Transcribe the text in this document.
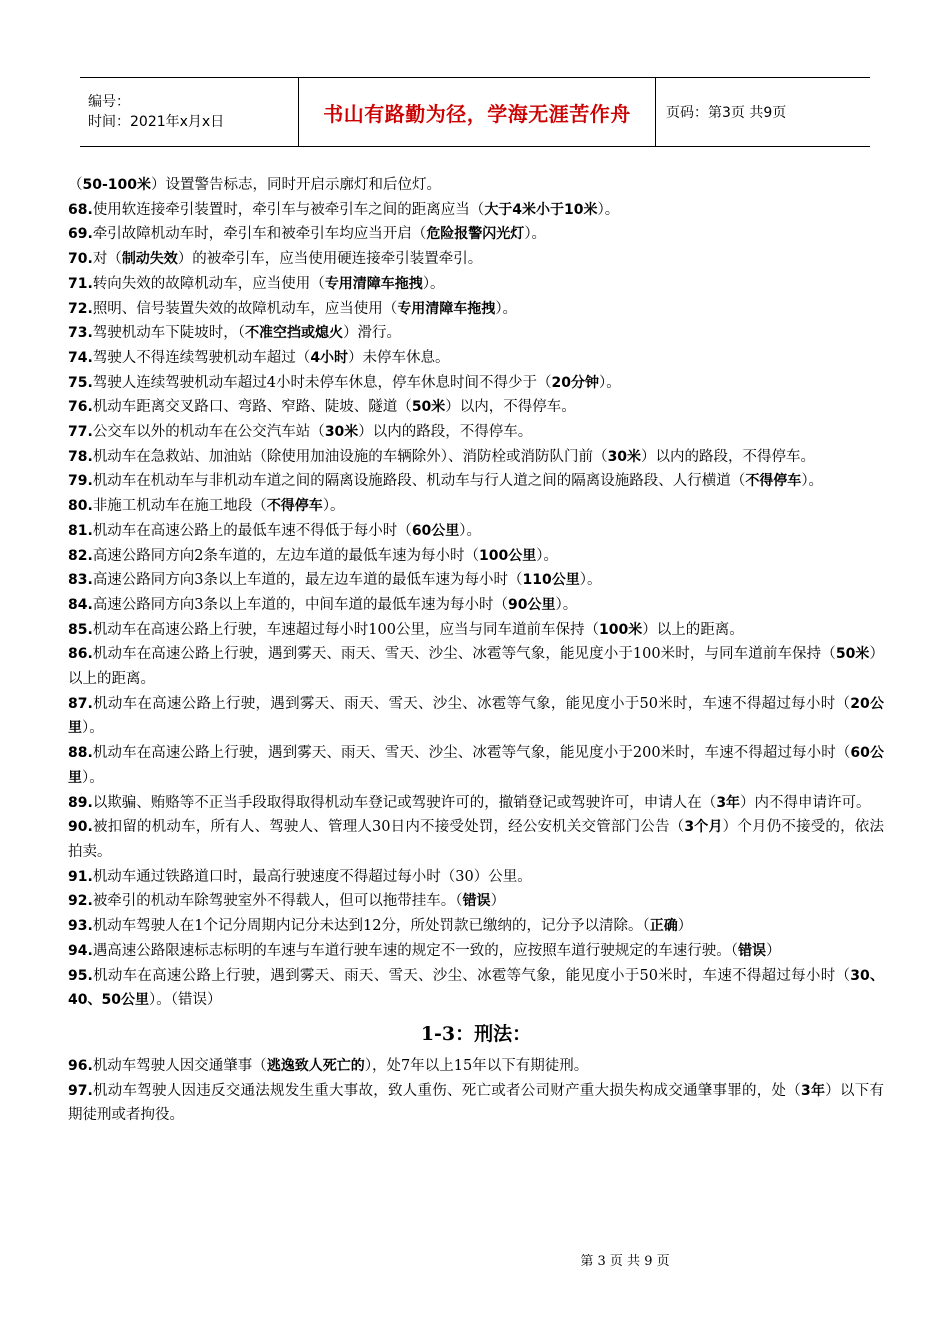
编号：
时间：2021年x月x日	书山有路勤为径，学海无涯苦作舟	页码：第3页 共9页

（50-100米）设置警告标志，同时开启示廓灯和后位灯。

68.使用软连接牵引装置时，牵引车与被牵引车之间的距离应当（大于4米小于10米）。

69.牵引故障机动车时，牵引车和被牵引车均应当开启（危险报警闪光灯）。

70.对（制动失效）的被牵引车，应当使用硬连接牵引装置牵引。

71.转向失效的故障机动车，应当使用（专用清障车拖拽）。

72.照明、信号装置失效的故障机动车，应当使用（专用清障车拖拽）。

73.驾驶机动车下陡坡时，（不准空挡或熄火）滑行。

74.驾驶人不得连续驾驶机动车超过（4小时）未停车休息。

75.驾驶人连续驾驶机动车超过4小时未停车休息，停车休息时间不得少于（20分钟）。

76.机动车距离交叉路口、弯路、窄路、陡坡、隧道（50米）以内，不得停车。

77.公交车以外的机动车在公交汽车站（30米）以内的路段，不得停车。

78.机动车在急救站、加油站（除使用加油设施的车辆除外）、消防栓或消防队门前（30米）以内的路段，不得停车。

79.机动车在机动车与非机动车道之间的隔离设施路段、机动车与行人道之间的隔离设施路段、人行横道（不得停车）。

80.非施工机动车在施工地段（不得停车）。

81.机动车在高速公路上的最低车速不得低于每小时（60公里）。

82.高速公路同方向2条车道的，左边车道的最低车速为每小时（100公里）。

83.高速公路同方向3条以上车道的，最左边车道的最低车速为每小时（110公里）。

84.高速公路同方向3条以上车道的，中间车道的最低车速为每小时（90公里）。

85.机动车在高速公路上行驶，车速超过每小时100公里，应当与同车道前车保持（100米）以上的距离。

86.机动车在高速公路上行驶，遇到雾天、雨天、雪天、沙尘、冰雹等气象，能见度小于100米时，与同车道前车保持（50米）以上的距离。

87.机动车在高速公路上行驶，遇到雾天、雨天、雪天、沙尘、冰雹等气象，能见度小于50米时，车速不得超过每小时（20公里）。

88.机动车在高速公路上行驶，遇到雾天、雨天、雪天、沙尘、冰雹等气象，能见度小于200米时，车速不得超过每小时（60公里）。

89.以欺骗、贿赂等不正当手段取得取得机动车登记或驾驶许可的，撤销登记或驾驶许可，申请人在（3年）内不得申请许可。

90.被扣留的机动车，所有人、驾驶人、管理人30日内不接受处罚，经公安机关交管部门公告（3个月）个月仍不接受的，依法拍卖。

91.机动车通过铁路道口时，最高行驶速度不得超过每小时（30）公里。

92.被牵引的机动车除驾驶室外不得载人，但可以拖带挂车。（错误）

93.机动车驾驶人在1个记分周期内记分未达到12分，所处罚款已缴纳的，记分予以清除。（正确）

94.遇高速公路限速标志标明的车速与车道行驶车速的规定不一致的，应按照车道行驶规定的车速行驶。（错误）

95.机动车在高速公路上行驶，遇到雾天、雨天、雪天、沙尘、冰雹等气象，能见度小于50米时，车速不得超过每小时（30、40、50公里）。（错误）

1-3：刑法：

96.机动车驾驶人因交通肇事（逃逸致人死亡的），处7年以上15年以下有期徒刑。

97.机动车驾驶人因违反交通法规发生重大事故，致人重伤、死亡或者公司财产重大损失构成交通肇事罪的，处（3年）以下有期徒刑或者拘役。

第 3 页 共 9 页
